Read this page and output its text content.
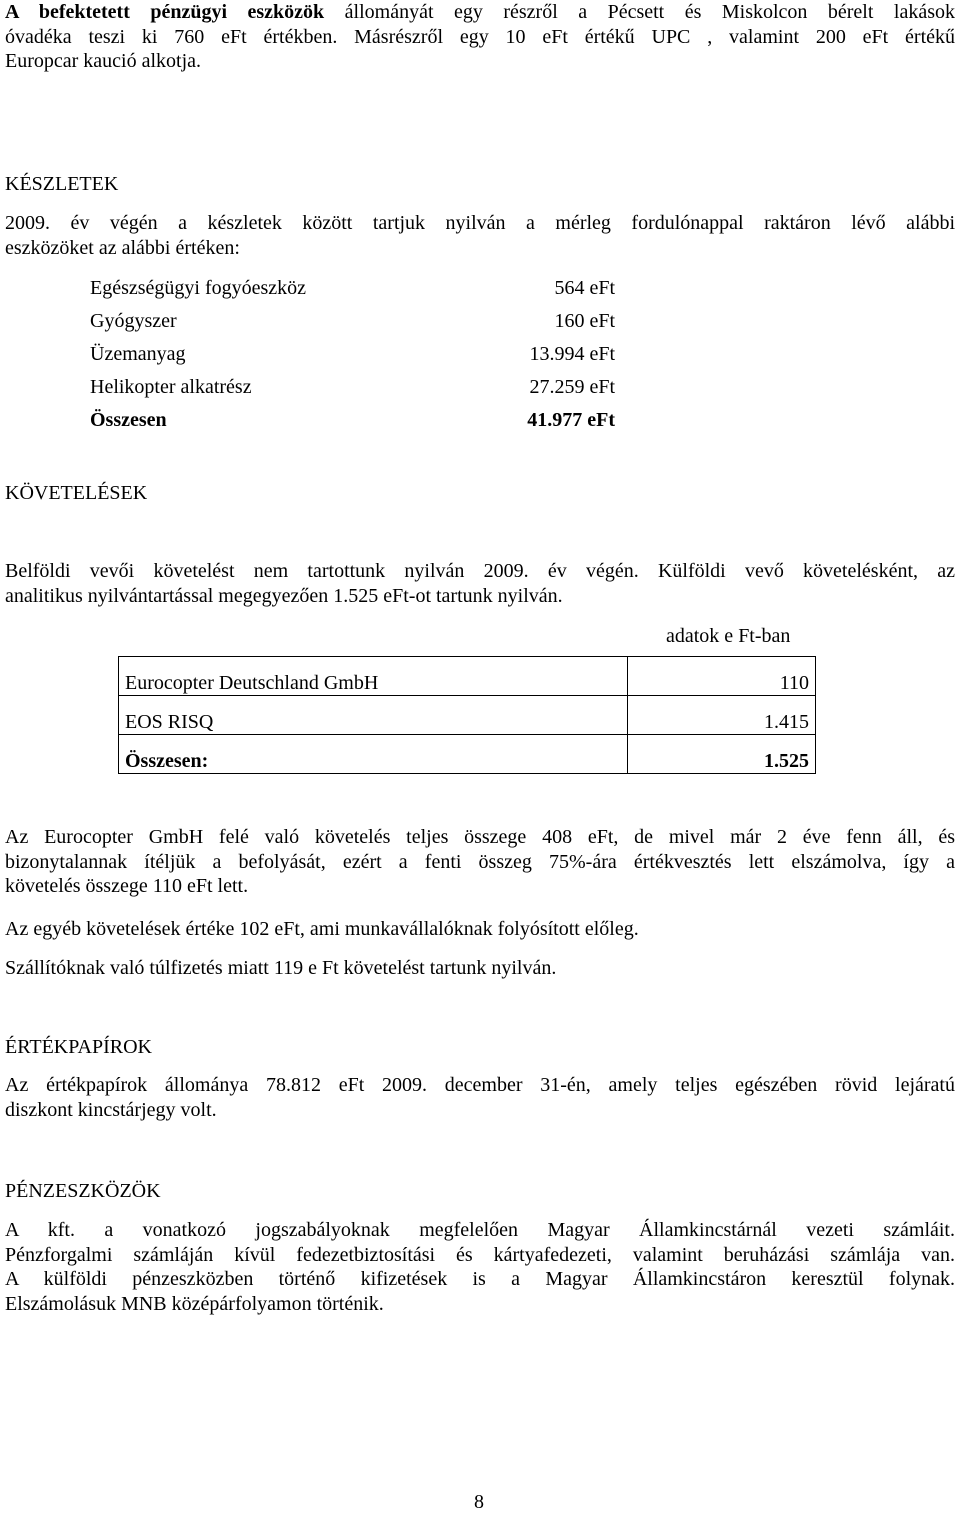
A befektetett pénzügyi eszközök állományát egy részről a Pécsett és Miskolcon bérelt lakások
óvadéka teszi ki 760 eFt értékben. Másrészről egy 10 eFt értékű UPC , valamint 200 eFt értékű
Europcar kaució alkotja.

KÉSZLETEK

2009. év végén a készletek között tartjuk nyilván a mérleg fordulónappal raktáron lévő alábbi
eszközöket az alábbi értéken:

Egészségügyi fogyóeszköz	564 eFt
Gyógyszer	160 eFt
Üzemanyag	13.994 eFt
Helikopter alkatrész	27.259 eFt
Összesen	41.977 eFt
KÖVETELÉSEK

Belföldi vevői követelést nem tartottunk nyilván 2009. év végén. Külföldi vevő követelésként, az
analitikus nyilvántartással megegyezően 1.525 eFt-ot tartunk nyilván.

adatok e Ft-ban
Eurocopter Deutschland GmbH	110
EOS RISQ	1.415
Összesen:	1.525

Az Eurocopter GmbH felé való követelés teljes összege 408 eFt, de mivel már 2 éve fenn áll, és
bizonytalannak ítéljük a befolyását, ezért a fenti összeg 75%-ára értékvesztés lett elszámolva, így a
követelés összege 110 eFt lett.

Az egyéb követelések értéke 102 eFt, ami munkavállalóknak folyósított előleg.

Szállítóknak való túlfizetés miatt 119 e Ft követelést tartunk nyilván.

ÉRTÉKPAPÍROK

Az értékpapírok állománya 78.812 eFt 2009. december 31-én, amely teljes egészében rövid lejáratú
diszkont kincstárjegy volt.

PÉNZESZKÖZÖK

A kft. a vonatkozó jogszabályoknak megfelelően Magyar Államkincstárnál vezeti számláit.
Pénzforgalmi számláján kívül fedezetbiztosítási és kártyafedezeti, valamint beruházási számlája van.
A külföldi pénzeszközben történő kifizetések is a Magyar Államkincstáron keresztül folynak.
Elszámolásuk MNB középárfolyamon történik.

8
